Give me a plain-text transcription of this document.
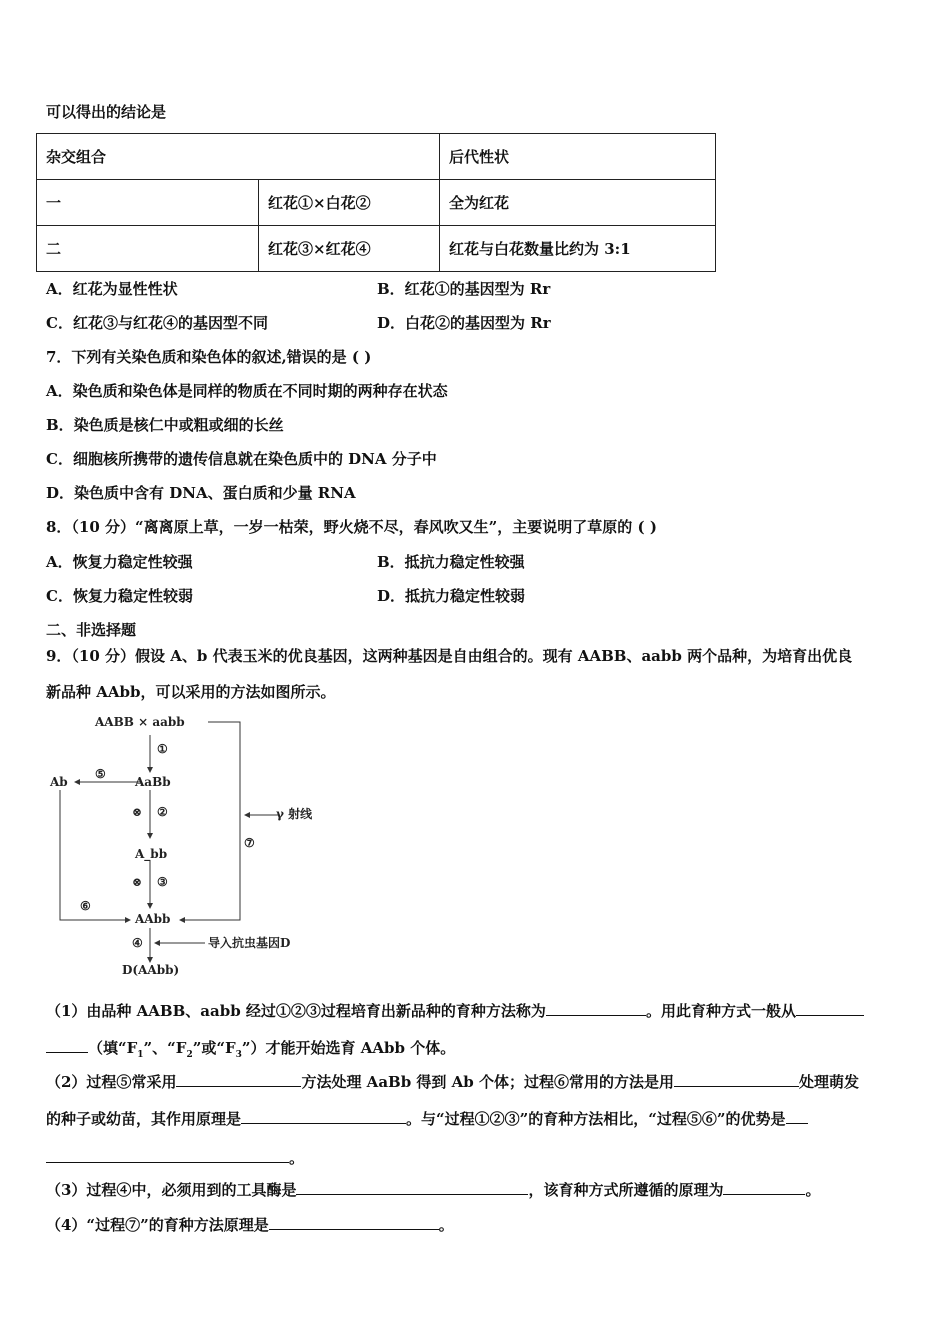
可以得出的结论是
杂交组合		后代性状
一	红花①×白花②	全为红花
二	红花③×红花④	红花与白花数量比约为 3:1
A．红花为显性性状	B．红花①的基因型为 Rr
C．红花③与红花④的基因型不同	D．白花②的基因型为 Rr
7．下列有关染色质和染色体的叙述,错误的是 ( )
A．染色质和染色体是同样的物质在不同时期的两种存在状态
B．染色质是核仁中或粗或细的长丝
C．细胞核所携带的遗传信息就在染色质中的 DNA 分子中
D．染色质中含有 DNA、蛋白质和少量 RNA
8．（10 分）“离离原上草，一岁一枯荣，野火烧不尽，春风吹又生”，主要说明了草原的 ( )
A．恢复力稳定性较强	B．抵抗力稳定性较强
C．恢复力稳定性较弱	D．抵抗力稳定性较弱
二、非选择题
9．（10 分）假设 A、b 代表玉米的优良基因，这两种基因是自由组合的。现有 AABB、aabb 两个品种，为培育出优良
新品种 AAbb，可以采用的方法如图所示。
AABB × aabb
①
AaBb
Ab
⑤
⊗ ②
A_bb
⊗ ③
AAbb
⑥
⑦
γ 射线
④	导入抗虫基因D
D(AAbb)
（1）由品种 AABB、aabb 经过①②③过程培育出新品种的育种方法称为	。用此育种方式一般从
（填“$F_1$”、“$F_2$”或“$F_3$”）才能开始选育 AAbb 个体。
（2）过程⑤常采用	方法处理 AaBb 得到 Ab 个体；过程⑥常用的方法是用	处理萌发
的种子或幼苗，其作用原理是	。与“过程①②③”的育种方法相比，“过程⑤⑥”的优势是
。
（3）过程④中，必须用到的工具酶是	，该育种方式所遵循的原理为	。
（4）“过程⑦”的育种方法原理是	。
